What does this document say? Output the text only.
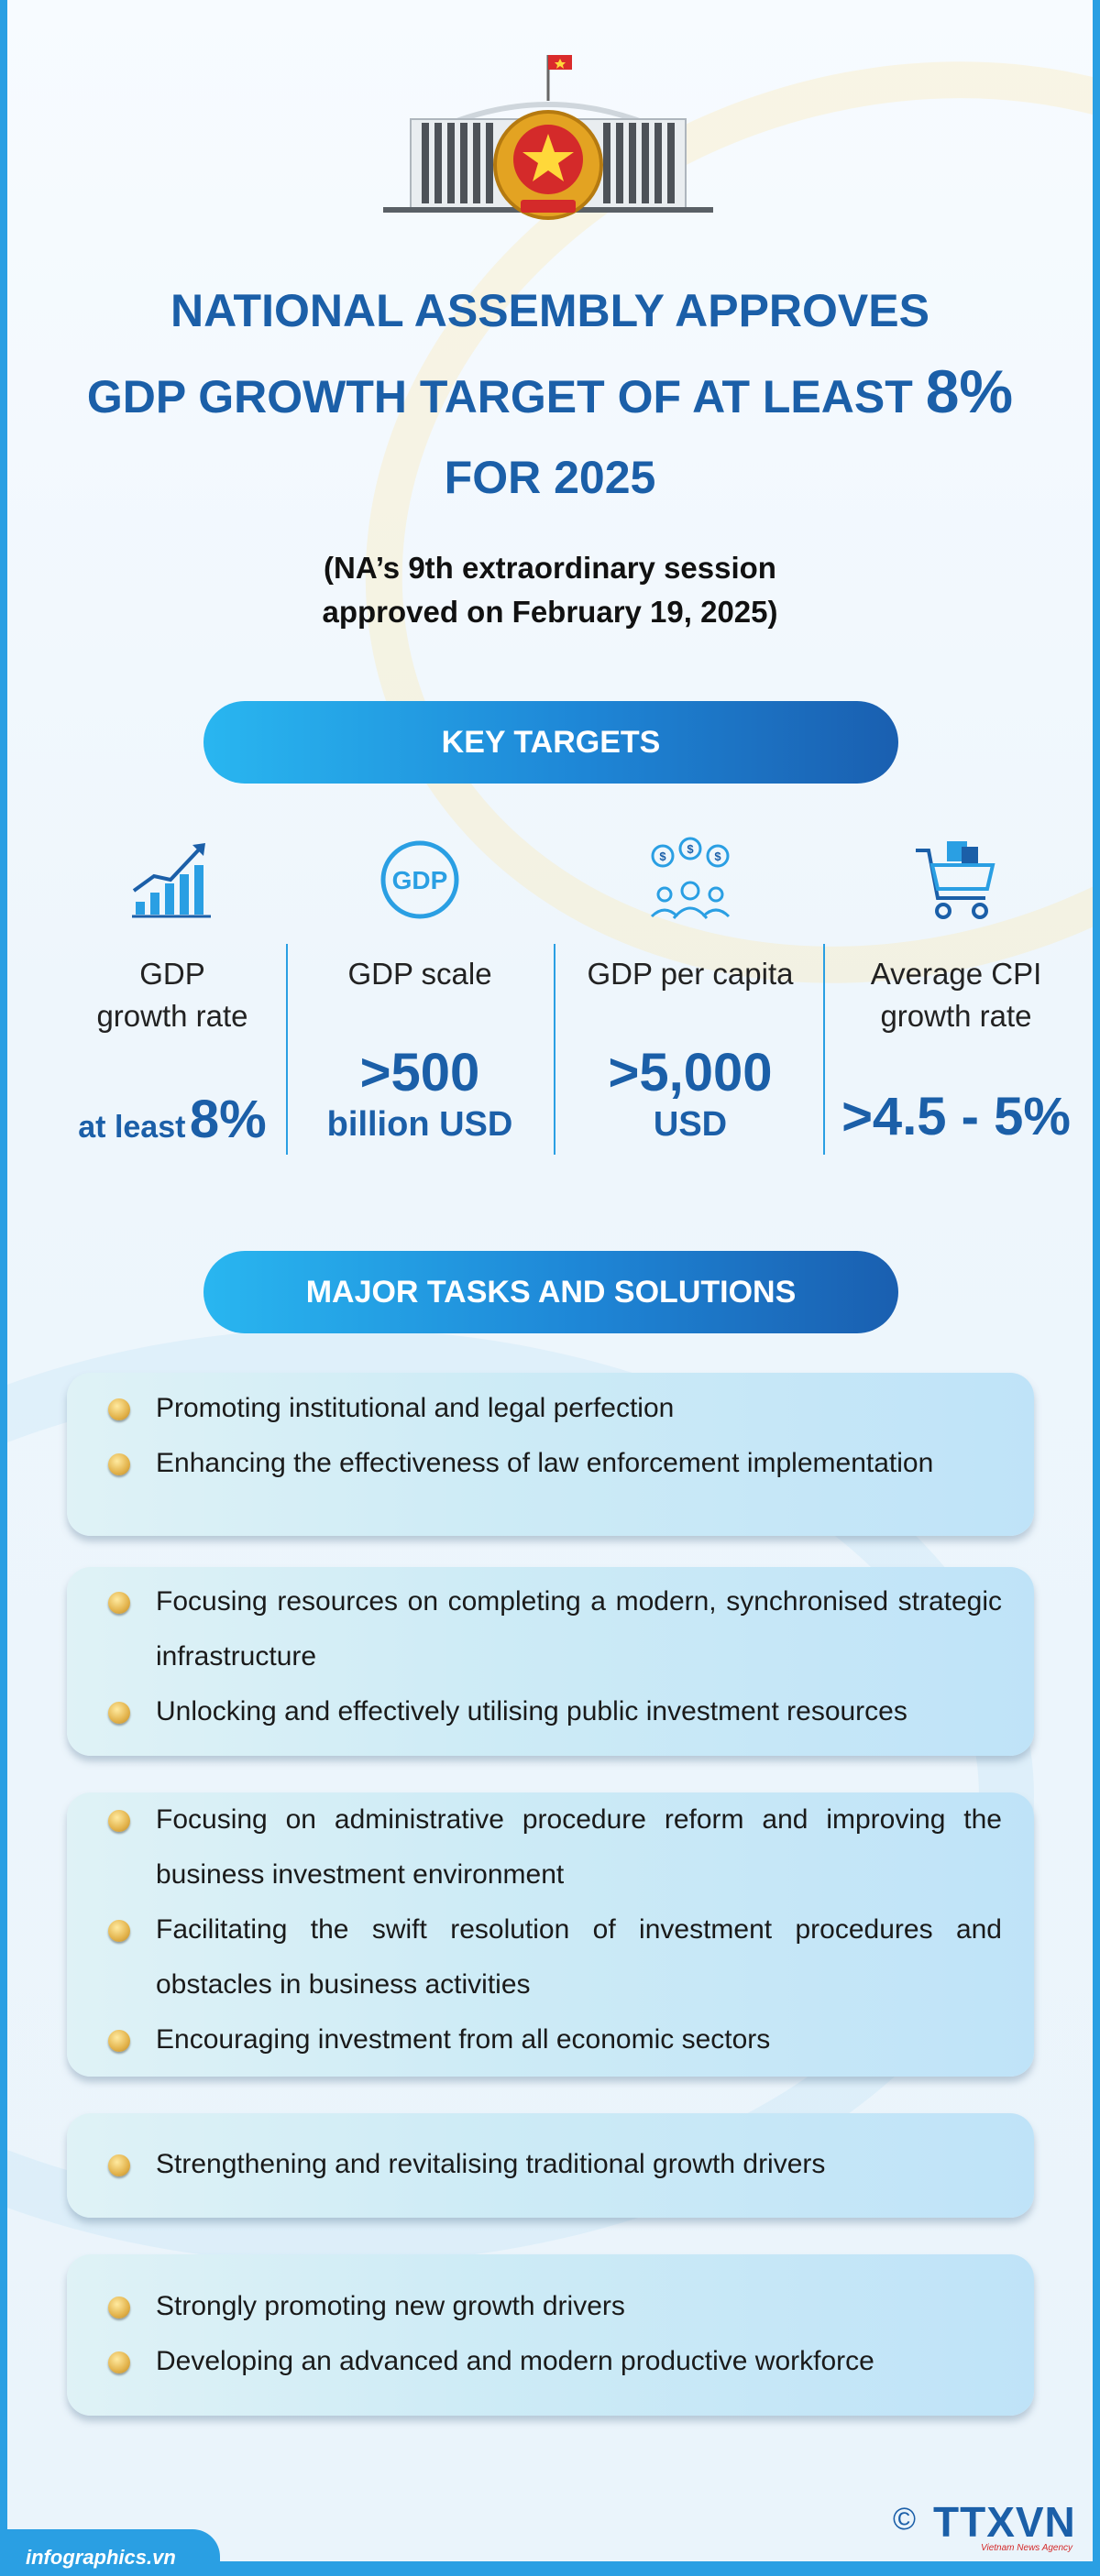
NATIONAL ASSEMBLY APPROVES
GDP GROWTH TARGET OF AT LEAST 8%
FOR 2025
(NA’s 9th extraordinary session
approved on February 19, 2025)
KEY TARGETS
GDP
growth rate
at least 8%
GDP
GDP scale
>500
billion USD
$
$
$
GDP per capita
>5,000
USD
Average CPI
growth rate
>4.5 - 5%
MAJOR TASKS AND SOLUTIONS
Promoting institutional and legal perfection
Enhancing the effectiveness of law enforcement implementation
Focusing resources on completing a modern, synchronised strategic infrastructure
Unlocking and effectively utilising public investment resources
Focusing on administrative procedure reform and improving the business investment environment
Facilitating the swift resolution of investment procedures and obstacles in business activities
Encouraging investment from all economic sectors
Strengthening and revitalising traditional growth drivers
Strongly promoting new growth drivers
Developing an advanced and modern productive workforce
© TTXVN
Vietnam News Agency
infographics.vn
